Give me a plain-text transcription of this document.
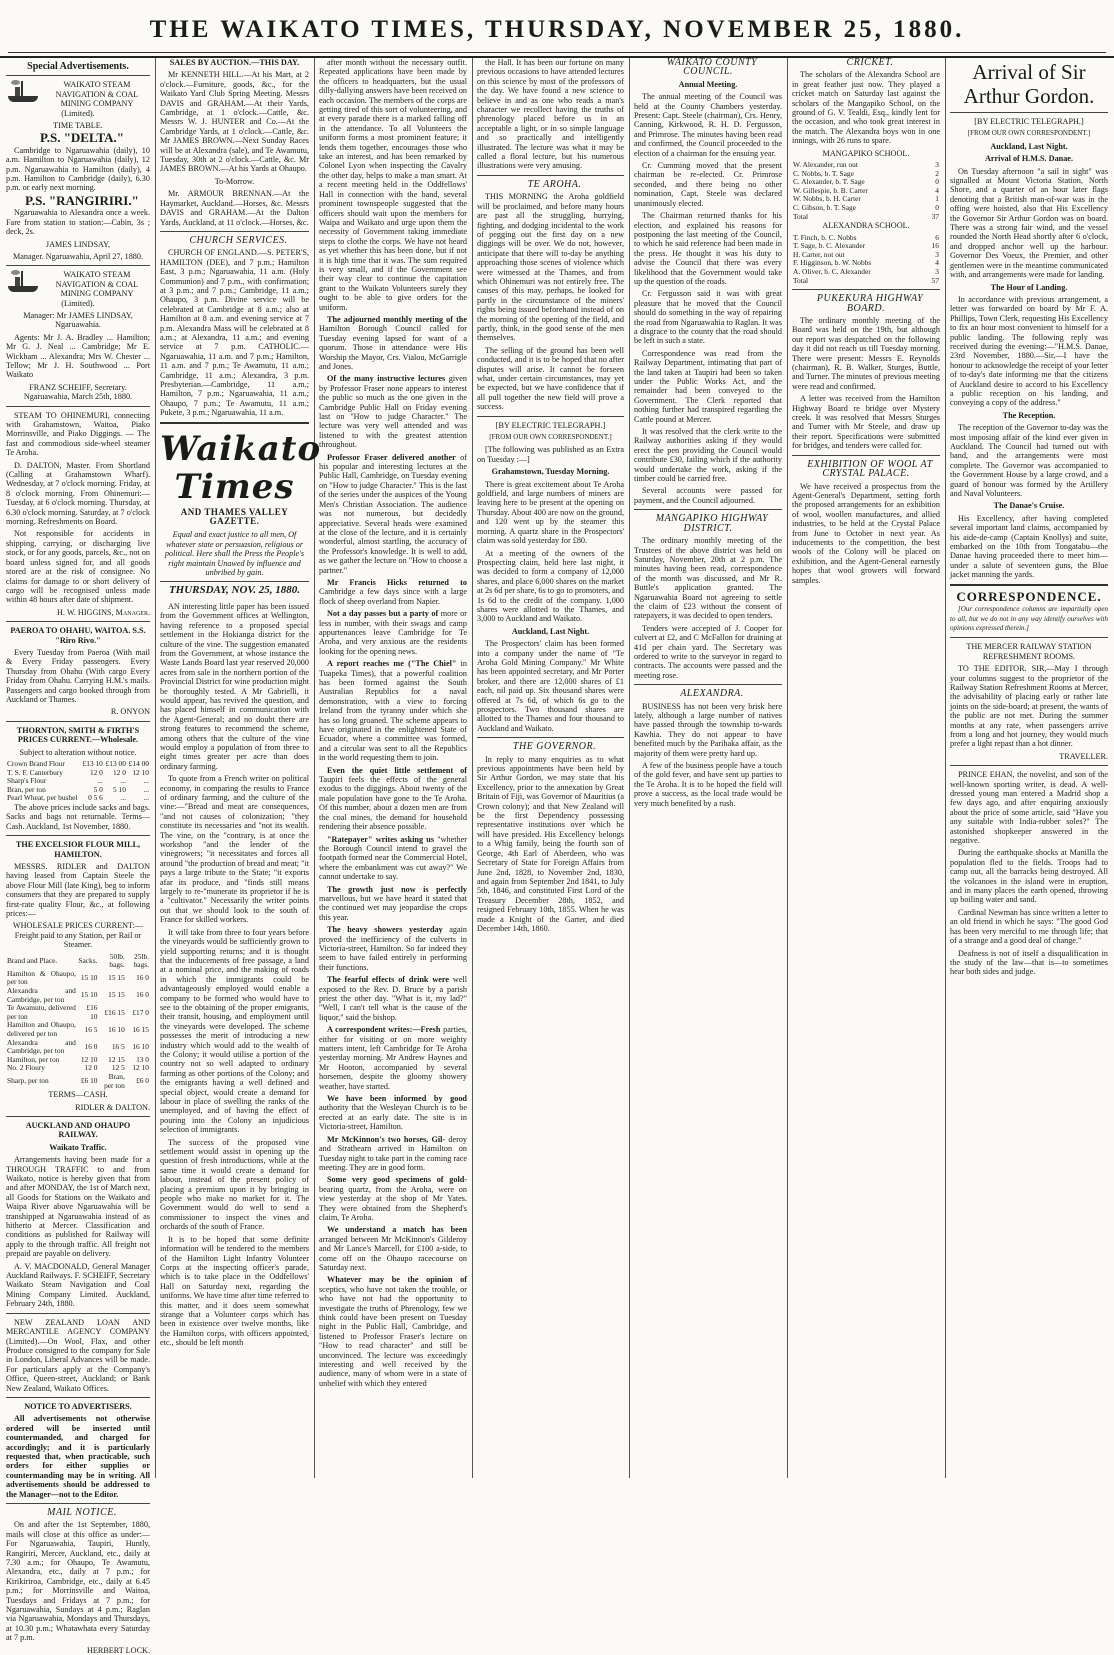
THE WAIKATO TIMES, THURSDAY, NOVEMBER 25, 1880.
Special Advertisements.

WAIKATO STEAM NAVIGATION & COAL MINING COMPANY (Limited).

TIME TABLE.

P.S. "DELTA."

Cambridge to Ngaruawahia (daily), 10 a.m. Hamilton to Ngaruawahia (daily), 12 p.m. Ngaruawahia to Hamilton (daily), 4 p.m. Hamilton to Cambridge (daily), 6.30 p.m. or early next morning.

P.S. "RANGIRIRI."

Ngaruawahia to Alexandra once a week. Fare from station to station:—Cabin, 3s ; deck, 2s.

JAMES LINDSAY,

Manager. Ngaruawahia, April 27, 1880.

WAIKATO STEAM NAVIGATION & COAL MINING COMPANY (Limited).

Manager: Mr JAMES LINDSAY, Ngaruawahia.

Agents: Mr J. A. Bradley ... Hamilton; Mr G. J. Neal ... Cambridge; Mr E. Wickham ... Alexandra; Mrs W. Chester ... Tellow; Mr J. H. Southwood ... Port Waikato

FRANZ SCHEIFF, Secretary. Ngaruawahia, March 25th, 1880.

STEAM TO OHINEMURI, connecting with Grahamstown, Waitoa, Piako Morrinsville, and Piako Diggings. — The fast and commodious side-wheel steamer Te Aroha.

D. DALTON, Master. From Shortland (Calling at Grahamstown Wharf). Wednesday, at 7 o'clock morning. Friday, at 8 o'clock morning. From Ohinemuri:— Tuesday, at 6 o'clock morning. Thursday, at 6.30 o'clock morning. Saturday, at 7 o'clock morning. Refreshments on Board.

Not responsible for accidents in shipping, carrying, or discharging live stock, or for any goods, parcels, &c., not on board unless signed for, and all goods stored are at the risk of consignee. No claims for damage to or short delivery of cargo will be recognised unless made within 48 hours after date of shipment.

H. W. HIGGINS, Manager.

PAEROA TO OHAHU, WAITOA. S.S. "Riro Rivo."

Every Tuesday from Paeroa (With mail & Every Friday passengers. Every Thursday from Ohahu (With cargo Every Friday from Ohahu. Carrying H.M.'s mails. Passengers and cargo booked through from Auckland or Thames.

R. ONYON

THORNTON, SMITH & FIRTH'S PRICES CURRENT.—Wholesale.

Subject to alteration without notice.

Crown Brand Flour	£13 10	£13 00	£14 00
T. S. F. Canterbury	12 0	12 0	12 10
Sharp's Flour	...	...	...
Bran, per ton	5 0	5 10	...
Pearl Wheat, per bushel	0 5 6	...	...

The above prices include sacks and bags. Sacks and bags not returnable. Terms—Cash. Auckland, 1st November, 1880.

THE EXCELSIOR FLOUR MILL, HAMILTON.

MESSRS. RIDLER and DALTON having leased from Captain Steele the above Flour Mill (late King), beg to inform consumers that they are prepared to supply first-rate quality Flour, &c., at following prices:—

WHOLESALE PRICES CURRENT:— Freight paid to any Station, per Rail or Steamer.

Brand and Place.	Sacks.	50lb. bags.	25lb. bags.
Hamilton & Ohaupo, per ton	15 10	15 15	16 0
Alexandra and Cambridge, per ton	15 10	15 15	16 0
Te Awamutu, delivered per ton	£16 10	£16 15	£17 0
Hamilton and Ohaupo, delivered per ton	16 5	16 10	16 15
Alexandra and Cambridge, per ton	16 0	16 5	16 10
Hamilton, per ton	12 10	12 15	13 0
No. 2 Floury	12 0	12 5	12 10
Sharp, per ton	£6 10	Bran, per ton	£6 0

TERMS—CASH.

RIDLER & DALTON.

AUCKLAND AND OHAUPO RAILWAY.

Waikato Traffic.

Arrangements having been made for a THROUGH TRAFFIC to and from Waikato, notice is hereby given that from and after MONDAY, the 1st of March next, all Goods for Stations on the Waikato and Waipa River above Ngaruawahia will be transhipped at Ngaruawahia instead of as hitherto at Mercer. Classification and conditions as published for Railway will apply to the through traffic. All freight not prepaid are payable on delivery.

A. V. MACDONALD, General Manager Auckland Railways. F. SCHEIFF, Secretary Waikato Steam Navigation and Coal Mining Company Limited. Auckland, February 24th, 1880.

NEW ZEALAND LOAN AND MERCANTILE AGENCY COMPANY (Limited).—On Wool, Flax, and other Produce consigned to the company for Sale in London, Liberal Advances will be made. For particulars apply at the Company's Office, Queen-street, Auckland; or Bank New Zealand, Waikato Offices.

NOTICE TO ADVERTISERS.

All advertisements not otherwise ordered will be inserted until countermanded, and charged for accordingly; and it is particularly requested that, when practicable, such orders for either supplies or countermanding may be in writing. All advertisements should be addressed to the Manager—not to the Editor.

MAIL NOTICE.

On and after the 1st September, 1880, mails will close at this office as under:—For Ngaruawahia, Taupiri, Huntly, Rangiriri, Mercer, Auckland, etc., daily at 7.30 a.m.; for Ohaupo, Te Awamutu, Alexandra, etc., daily at 7 p.m.; for Kirikiriroa, Cambridge, etc., daily at 6.45 p.m.; for Morrinsville and Waitoa, Tuesdays and Fridays at 7 p.m.; for Ngaruawahia, Sundays at 4 p.m.; Raglan via Ngaruawahia, Mondays and Thursdays, at 10.30 p.m.; Whatawhata every Saturday at 7 p.m.

HERBERT LOCK.

SALES BY AUCTION.—THIS DAY.

Mr KENNETH HILL.—At his Mart, at 2 o'clock.—Furniture, goods, &c., for the Waikato Yard Club Spring Meeting. Messrs DAVIS and GRAHAM.—At their Yards, Cambridge, at 1 o'clock.—Cattle, &c. Messrs W. J. HUNTER and Co.—At the Cambridge Yards, at 1 o'clock.—Cattle, &c. Mr JAMES BROWN.—Next Sunday Races will be at Alexandra (sale), and Te Awamutu, Tuesday, 30th at 2 o'clock.—Cattle, &c. Mr JAMES BROWN.—At his Yards at Ohaupo.

To-Morrow.

Mr. ARMOUR BRENNAN.—At the Haymarket, Auckland.—Horses, &c. Messrs DAVIS and GRAHAM.—At the Dalton Yards, Auckland, at 11 o'clock.—Horses, &c.

CHURCH SERVICES.

CHURCH OF ENGLAND.—S. PETER'S, HAMILTON (DEE), and 7 p.m.; Hamilton East, 3 p.m.; Ngaruawahia, 11 a.m. (Holy Communion) and 7 p.m., with confirmation; at 3 p.m.; and 7 p.m.; Cambridge, 11 a.m.; Ohaupo, 3 p.m. Divine service will be celebrated at Cambridge at 8 a.m.; also at Hamilton at 8 a.m. and evening service at 7 p.m. Alexandra Mass will be celebrated at 8 a.m.; at Alexandra, 11 a.m.; and evening service at 7 p.m. CATHOLIC.—Ngaruawahia, 11 a.m. and 7 p.m.; Hamilton, 11 a.m. and 7 p.m.; Te Awamutu, 11 a.m.; Cambridge, 11 a.m.; Alexandra, 3 p.m. Presbyterian.—Cambridge, 11 a.m.; Hamilton, 7 p.m.; Ngaruawahia, 11 a.m.; Ohaupo, 7 p.m.; Te Awamutu, 11 a.m.; Pukete, 3 p.m.; Ngaruawahia, 11 a.m.

Waikato Times
AND THAMES VALLEY GAZETTE.

Equal and exact justice to all men, Of whatever state or persuasion, religious or political. Here shall the Press the People's right maintain Unawed by influence and unbribed by gain.

THURSDAY, NOV. 25, 1880.

AN interesting little paper has been issued from the Government offices at Wellington, having reference to a proposed special settlement in the Hokianga district for the culture of the vine. The suggestion emanated from the Government, at whose instance the Waste Lands Board last year reserved 20,000 acres from sale in the northern portion of the Provincial District for wine production might be thoroughly tested. A Mr Gabrielli, it would appear, has revived the question, and has placed himself in communication with the Agent-General; and no doubt there are strong features to recommend the scheme, among others that the culture of the vine would employ a population of from three to eight times greater per acre than does ordinary farming.

To quote from a French writer on political economy, in comparing the results to France of ordinary farming, and the culture of the vine:—"Bread and meat are consequences, "and not causes of colonization; "they constitute its necessaries and "not its wealth. The vine, on the "contrary, is at once the workshop "and the lender of the vinegrowers; "it necessitates and forces all around "the production of bread and meat; "it pays a large tribute to the State; "it exports afar its produce, and "finds still means largely to re-"munerate its proprietor if he is a "cultivator." Necessarily the writer points out that we should look to the south of France for skilled workers.

It will take from three to four years before the vineyards would be sufficiently grown to yield supporting returns; and it is thought that the inducements of free passage, a land at a nominal price, and the making of roads in which the immigrants could be advantageously employed would enable a company to be formed who would have to see to the obtaining of the proper emigrants, their transit, housing, and employment until the vineyards were developed. The scheme possesses the merit of introducing a new industry which would add to the wealth of the Colony; it would utilise a portion of the country not so well adapted to ordinary farming as other portions of the Colony; and the emigrants having a well defined and special object, would create a demand for labour in place of swelling the ranks of the unemployed, and of having the effect of pouring into the Colony an injudicious selection of immigrants.

The success of the proposed vine settlement would assist in opening up the question of fresh introductions, while at the same time it would create a demand for labour, instead of the present policy of placing a premium upon it by bringing in people who make no market for it. The Government would do well to send a commissioner to inspect the vines and orchards of the south of France.

It is to be hoped that some definite information will be tendered to the members of the Hamilton Light Infantry Volunteer Corps at the inspecting officer's parade, which is to take place in the Oddfellows' Hall on Saturday next, regarding the uniforms. We have time after time referred to this matter, and it does seem somewhat strange that a Volunteer corps which has been in existence over twelve months, like the Hamilton corps, with officers appointed, etc., should be left month

after month without the necessary outfit. Repeated applications have been made by the officers to headquarters, but the usual dilly-dallying answers have been received on each occasion. The members of the corps are getting tired of this sort of volunteering, and at every parade there is a marked falling off in the attendance. To all Volunteers the uniform forms a most prominent feature; it lends them together, encourages those who take an interest, and has been remarked by Colonel Lyon when inspecting the Cavalry the other day, helps to make a man smart. At a recent meeting held in the Oddfellows' Hall in connection with the band, several prominent townspeople suggested that the officers should wait upon the members for Waipa and Waikato and urge upon them the necessity of Government taking immediate steps to clothe the corps. We have not heard as yet whether this has been done, but if not it is high time that it was. The sum required is very small, and if the Government see their way clear to continue the capitation grant to the Waikato Volunteers surely they ought to be able to give orders for the uniform.

The adjourned monthly meeting of the Hamilton Borough Council called for Tuesday evening lapsed for want of a quorum. Those in attendance were His Worship the Mayor, Crs. Vialou, McGarrigle and Jones.

Of the many instructive lectures given by Professor Fraser none appears to interest the public so much as the one given in the Cambridge Public Hall on Friday evening last on "How to judge Character." The lecture was very well attended and was listened to with the greatest attention throughout.

Professor Fraser delivered another of his popular and interesting lectures at the Public Hall, Cambridge, on Tuesday evening on "How to judge Character." This is the last of the series under the auspices of the Young Men's Christian Association. The audience was not numerous, but decidedly appreciative. Several heads were examined at the close of the lecture, and it is certainly wonderful, almost startling, the accuracy of the Professor's knowledge. It is well to add, as we gather the lecture on "How to choose a partner."

Mr Francis Hicks returned to Cambridge a few days since with a large flock of sheep overland from Napier.

Not a day passes but a party of more or less in number, with their swags and camp appurtenances leave Cambridge for Te Aroha, and very anxious are the residents looking for the opening news.

A report reaches me ("The Chiel" in Tuapeka Times), that a powerful coalition has been formed against the South Australian Republics for a naval demonstration, with a view to forcing Ireland from the tyranny under which she has so long groaned. The scheme appears to have originated in the enlightened State of Ecuador, where a committee was formed, and a circular was sent to all the Republics in the world requesting them to join.

Even the quiet little settlement of Taupiri feels the effects of the general exodus to the diggings. About twenty of the male population have gone to the Te Aroha. Of this number, about a dozen men are from the coal mines, the demand for household rendering their absence possible.

"Ratepayer" writes asking us "whether the Borough Council intend to gravel the footpath formed near the Commercial Hotel, where the embankment was cut away?" We cannot undertake to say.

The growth just now is perfectly marvellous, but we have heard it stated that the continued wet may jeopardise the crops this year.

The heavy showers yesterday again proved the inefficiency of the culverts in Victoria-street, Hamilton. So far indeed they seem to have failed entirely in performing their functions.

The fearful effects of drink were well exposed to the Rev. D. Bruce by a parish priest the other day. "What is it, my lad?" "Well, I can't tell what is the cause of the liquor," said the bishop.

A correspondent writes:—Fresh parties, either for visiting or on more weighty matters intent, left Cambridge for Te Aroha yesterday morning. Mr Andrew Haynes and Mr Hooton, accompanied by several horsemen, despite the gloomy showery weather, have started.

We have been informed by good authority that the Wesleyan Church is to be erected at an early date. The site is in Victoria-street, Hamilton.

Mr McKinnon's two horses, Gil- deroy and Strathearn arrived in Hamilton on Tuesday night to take part in the coming race meeting. They are in good form.

Some very good specimens of gold- bearing quartz, from the Aroha, were on view yesterday at the shop of Mr Yates. They were obtained from the Shepherd's claim, Te Aroha.

We understand a match has been arranged between Mr McKinnon's Gilderoy and Mr Lance's Marcell, for £100 a-side, to come off on the Ohaupo racecourse on Saturday next.

Whatever may be the opinion of sceptics, who have not taken the trouble, or who have not had the opportunity to investigate the truths of Phrenology, few we think could have been present on Tuesday night in the Public Hall, Cambridge, and listened to Professor Fraser's lecture on "How to read character" and still be unconvinced. The lecture was exceedingly interesting and well received by the audience, many of whom were in a state of unbelief with which they entered

the Hall. It has been our fortune on many previous occasions to have attended lectures on this science by most of the professors of the day. We have found a new science to believe in and as one who reads a man's character we recollect having the truths of phrenology placed before us in an acceptable a light, or in so simple language and so practically and intelligently illustrated. The lecture was what it may be called a floral lecture, but his numerous illustrations were very amusing.

TE AROHA.

THIS MORNING the Aroha goldfield will be proclaimed, and before many hours are past all the struggling, hurrying, fighting, and dodging incidental to the work of pegging out the first day on a new diggings will be over. We do not, however, anticipate that there will to-day be anything approaching those scenes of violence which were witnessed at the Thames, and from which Ohinemuri was not entirely free. The causes of this may, perhaps, be looked for partly in the circumstance of the miners' rights being issued beforehand instead of on the morning of the opening of the field, and partly, think, in the good sense of the men themselves.

The selling of the ground has been well conducted, and it is to be hoped that no after disputes will arise. It cannot be forseen what, under certain circumstances, may yet be expected, but we have confidence that if all pull together the new field will prove a success.

[BY ELECTRIC TELEGRAPH.]

[FROM OUR OWN CORRESPONDENT.]

[The following was published as an Extra on Tuesday :—]

Grahamstown, Tuesday Morning.

There is great excitement about Te Aroha goldfield, and large numbers of miners are leaving here to be present at the opening on Thursday. About 400 are now on the ground, and 120 went up by the steamer this morning. A quartz share in the Prospectors' claim was sold yesterday for £80.

At a meeting of the owners of the Prospecting claim, held here last night, it was decided to form a company of 12,000 shares, and place 6,000 shares on the market at 2s 6d per share, 6s to go to promoters, and 1s 6d to the credit of the company. 1,000 shares were allotted to the Thames, and 3,000 to Auckland and Waikato.

Auckland, Last Night.

The Prospectors' claim has been formed into a company under the name of "Te Aroha Gold Mining Company." Mr White has been appointed secretary, and Mr Porter broker, and there are 12,000 shares of £1 each, nil paid up. Six thousand shares were offered at 7s 6d, of which 6s go to the prospectors. Two thousand shares are allotted to the Thames and four thousand to Auckland and Waikato.

THE GOVERNOR.

In reply to many enquiries as to what previous appointments have been held by Sir Arthur Gordon, we may state that his Excellency, prior to the annexation by Great Britain of Fiji, was Governor of Mauritius (a Crown colony); and that New Zealand will be the first Dependency possessing representative institutions over which he will have presided. His Excellency belongs to a Whig family, being the fourth son of George, 4th Earl of Aberdeen, who was Secretary of State for Foreign Affairs from June 2nd, 1828, to November 2nd, 1830, and again from September 2nd 1841, to July 5th, 1846, and constituted First Lord of the Treasury December 28th, 1852, and resigned February 10th, 1855. When he was made a Knight of the Garter, and died December 14th, 1860.

WAIKATO COUNTY COUNCIL.

Annual Meeting.

The annual meeting of the Council was held at the County Chambers yesterday. Present: Capt. Steele (chairman), Crs. Henry, Canning, Kirkwood, R. H. D. Fergusson, and Primrose. The minutes having been read and confirmed, the Council proceeded to the election of a chairman for the ensuing year.

Cr. Cumming moved that the present chairman be re-elected. Cr. Primrose seconded, and there being no other nomination, Capt. Steele was declared unanimously elected.

The Chairman returned thanks for his election, and explained his reasons for postponing the last meeting of the Council, to which he said reference had been made in the press. He thought it was his duty to advise the Council that there was every likelihood that the Government would take up the question of the roads.

Cr. Fergusson said it was with great pleasure that he moved that the Council should do something in the way of repairing the road from Ngaruawahia to Raglan. It was a disgrace to the county that the road should be left in such a state.

Correspondence was read from the Railway Department, intimating that part of the land taken at Taupiri had been so taken under the Public Works Act, and the remainder had been conveyed to the Government. The Clerk reported that nothing further had transpired regarding the Cattle pound at Mercer.

It was resolved that the clerk write to the Railway authorities asking if they would erect the pen providing the Council would contribute £30, failing which if the authority would undertake the work, asking if the timber could be carried free.

Several accounts were passed for payment, and the Council adjourned.

MANGAPIKO HIGHWAY DISTRICT.

The ordinary monthly meeting of the Trustees of the above district was held on Saturday, November, 20th at 2 p.m. The minutes having been read, correspondence of the month was discussed, and Mr R. Buttle's application granted. The Ngaruawahia Board not agreeing to settle the claim of £23 without the consent of ratepayers, it was decided to open tenders.

Tenders were accepted of J. Cooper for culvert at £2, and C McFallon for draining at 41d per chain yard. The Secretary was ordered to write to the surveyor in regard to contracts. The accounts were passed and the meeting rose.

ALEXANDRA.

BUSINESS has not been very brisk here lately, although a large number of natives have passed through the township to-wards Kawhia. They do not appear to have benefited much by the Parihaka affair, as the majority of them were pretty hard up.

A few of the business people have a touch of the gold fever, and have sent up parties to the Te Aroha. It is to be hoped the field will prove a success, as the local trade would be very much benefited by a rush.

CRICKET.

The scholars of the Alexandra School are in great feather just now. They played a cricket match on Saturday last against the scholars of the Mangapiko School, on the ground of G. V. Tealdi, Esq., kindly lent for the occasion, and who took great interest in the match. The Alexandra boys won in one innings, with 26 runs to spare.

MANGAPIKO SCHOOL.

W. Alexander, run out	3
C. Nobbs, b. T. Sage	2
C. Alexander, b. T. Sage	0
W. Gillespie, b. B. Carter	4
W. Nobbs, b. H. Carter	1
C. Gibson, b. T. Sage	0
Total	37

ALEXANDRA SCHOOL.

T. Finch, b. C. Nobbs	6
T. Sage, b. C. Alexander	16
H. Carter, not out	3
F. Higginson, b. W. Nobbs	4
A. Oliver, b. C. Alexander	3
Total	57

PUKEKURA HIGHWAY BOARD.

The ordinary monthly meeting of the Board was held on the 19th, but although our report was despatched on the following day it did not reach us till Tuesday morning. There were present: Messrs E. Reynolds (chairman), R. B. Walker, Sturges, Buttle, and Turner. The minutes of previous meeting were read and confirmed.

A letter was received from the Hamilton Highway Board re bridge over Mystery creek. It was resolved that Messrs Sturges and Turner with Mr Steele, and draw up their report. Specifications were submitted for bridges, and tenders were called for.

EXHIBITION OF WOOL AT CRYSTAL PALACE.

We have received a prospectus from the Agent-General's Department, setting forth the proposed arrangements for an exhibition of wool, woollen manufactures, and allied industries, to be held at the Crystal Palace from June to October in next year. As inducements to the competition, the best wools of the Colony will be placed on exhibition, and the Agent-General earnestly hopes that wool growers will forward samples.

Arrival of Sir Arthur Gordon.

[BY ELECTRIC TELEGRAPH.]

[FROM OUR OWN CORRESPONDENT.]

Auckland, Last Night.

Arrival of H.M.S. Danae.

On Tuesday afternoon "a sail in sight" was signalled at Mount Victoria Station, North Shore, and a quarter of an hour later flags denoting that a British man-of-war was in the offing were hoisted, also that His Excellency the Governor Sir Arthur Gordon was on board. There was a strong fair wind, and the vessel rounded the North Head shortly after 6 o'clock, and dropped anchor well up the harbour. Governor Des Voeux, the Premier, and other gentlemen were in the meantime communicated with, and arrangements were made for landing.

The Hour of Landing.

In accordance with previous arrangement, a letter was forwarded on board by Mr F. A. Phillips, Town Clerk, requesting His Excellency to fix an hour most convenient to himself for a public landing. The following reply was received during the evening:—"H.M.S. Danae, 23rd November, 1880.—Sir,—I have the honour to acknowledge the receipt of your letter of to-day's date informing me that the citizens of Auckland desire to accord to his Excellency a public reception on his landing, and conveying a copy of the address."

The Reception.

The reception of the Governor to-day was the most imposing affair of the kind ever given in Auckland. The Council had turned out with band, and the arrangements were most complete. The Governor was accompanied to the Government House by a large crowd, and a guard of honour was formed by the Artillery and Naval Volunteers.

The Danae's Cruise.

His Excellency, after having completed several important land claims, accompanied by his aide-de-camp (Captain Knollys) and suite, embarked on the 10th from Tongatabu—the Danae having proceeded there to meet him—under a salute of seventeen guns, the Blue jacket manning the yards.

CORRESPONDENCE.

[Our correspondence columns are impartially open to all, but we do not in any way identify ourselves with opinions expressed therein.]

THE MERCER RAILWAY STATION REFRESHMENT ROOMS.

TO THE EDITOR. SIR,—May I through your columns suggest to the proprietor of the Railway Station Refreshment Rooms at Mercer, the advisability of placing early or rather late joints on the side-board; at present, the wants of the public are not met. During the summer months at any rate, when passengers arrive from a long and hot journey, they would much prefer a light repast than a hot dinner.

TRAVELLER.

PRINCE EHAN, the novelist, and son of the well-known sporting writer, is dead. A well-dressed young man entered a Madrid shop a few days ago, and after enquiring anxiously about the price of some article, said "Have you any suitable with India-rubber soles?" The astonished shopkeeper answered in the negative.

During the earthquake shocks at Manilla the population fled to the fields. Troops had to camp out, all the barracks being destroyed. All the volcanoes in the island were in eruption, and in many places the earth opened, throwing up boiling water and sand.

Cardinal Newman has since written a letter to an old friend in which he says: "The good God has been very merciful to me through life; that of a strange and a good deal of change."

Deafness is not of itself a disqualification in the study of the law—that is—to sometimes hear both sides and judge.
